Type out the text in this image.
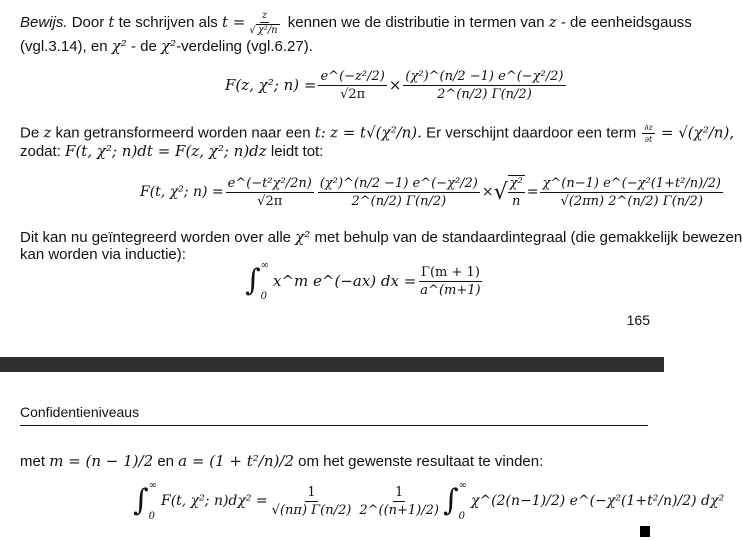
Bewijs. Door t te schrijven als $t = \frac{z}{\text{√ χ²/n}}$ kennen we de distributie in termen van z - de eenheidsgauss
(vgl.3.14), en χ² - de χ²-verdeling (vgl.6.27).
F(z, χ²; $n) = \frac{\text{e\textasciicircum{}(−z²/2)}}{√2\pi} \times \frac{\text{(χ²)\textasciicircum{}(n/2 −1) e\textasciicircum{}(−χ²/2)}}{2\^{}(n/2) \Gamma(n/2)}$
De z kan getransformeerd worden naar een t: z = t√(χ²/n). Er verschijnt daardoor een term $\frac{\partial z}{\partial t} = √(\chi^2/n)$,
zodat: F(t, χ²; n)dt = F(z, χ²; n)dz leidt tot:
F(t, χ²; $n) = \frac{\text{e\textasciicircum{}(−t²χ²/2n)}}{√2\pi} \frac{\text{(χ²)\textasciicircum{}(n/2 −1) e\textasciicircum{}(−χ²/2)}}{2\^{}(n/2) \Gamma(n/2)}$ × √ $\frac{\text{χ²}}{n} = \frac{\text{χ\textasciicircum{}(n−1) e\textasciicircum{}(−χ²(1+t²/n)/2)}}{√(2\pi n) 2\^{}(n/2) \Gamma(n/2)}$
Dit kan nu geïntegreerd worden over alle χ² met behulp van de standaardintegraal (die gemakkelijk bewezen
kan worden via inductie):
∫ ∞
0
x^m e^(−ax) dx = $\frac{\Gamma(m + 1)}{a\^{}(m+1)}$
165
Confidentieniveaus
met m = (n − 1)/2 en a = (1 + t²/n)/2 om het gewenste resultaat te vinden:
∫ ∞
0
F(t, χ²; $n)d\chi^2 = \frac{1}{√(n\pi) \Gamma(n/2)} \frac{1}{2\^{}((n+1)/2)}$ ∫ ∞
0
χ^(2(n−1)/2) e^(−χ²(1+t²/n)/2) dχ²
